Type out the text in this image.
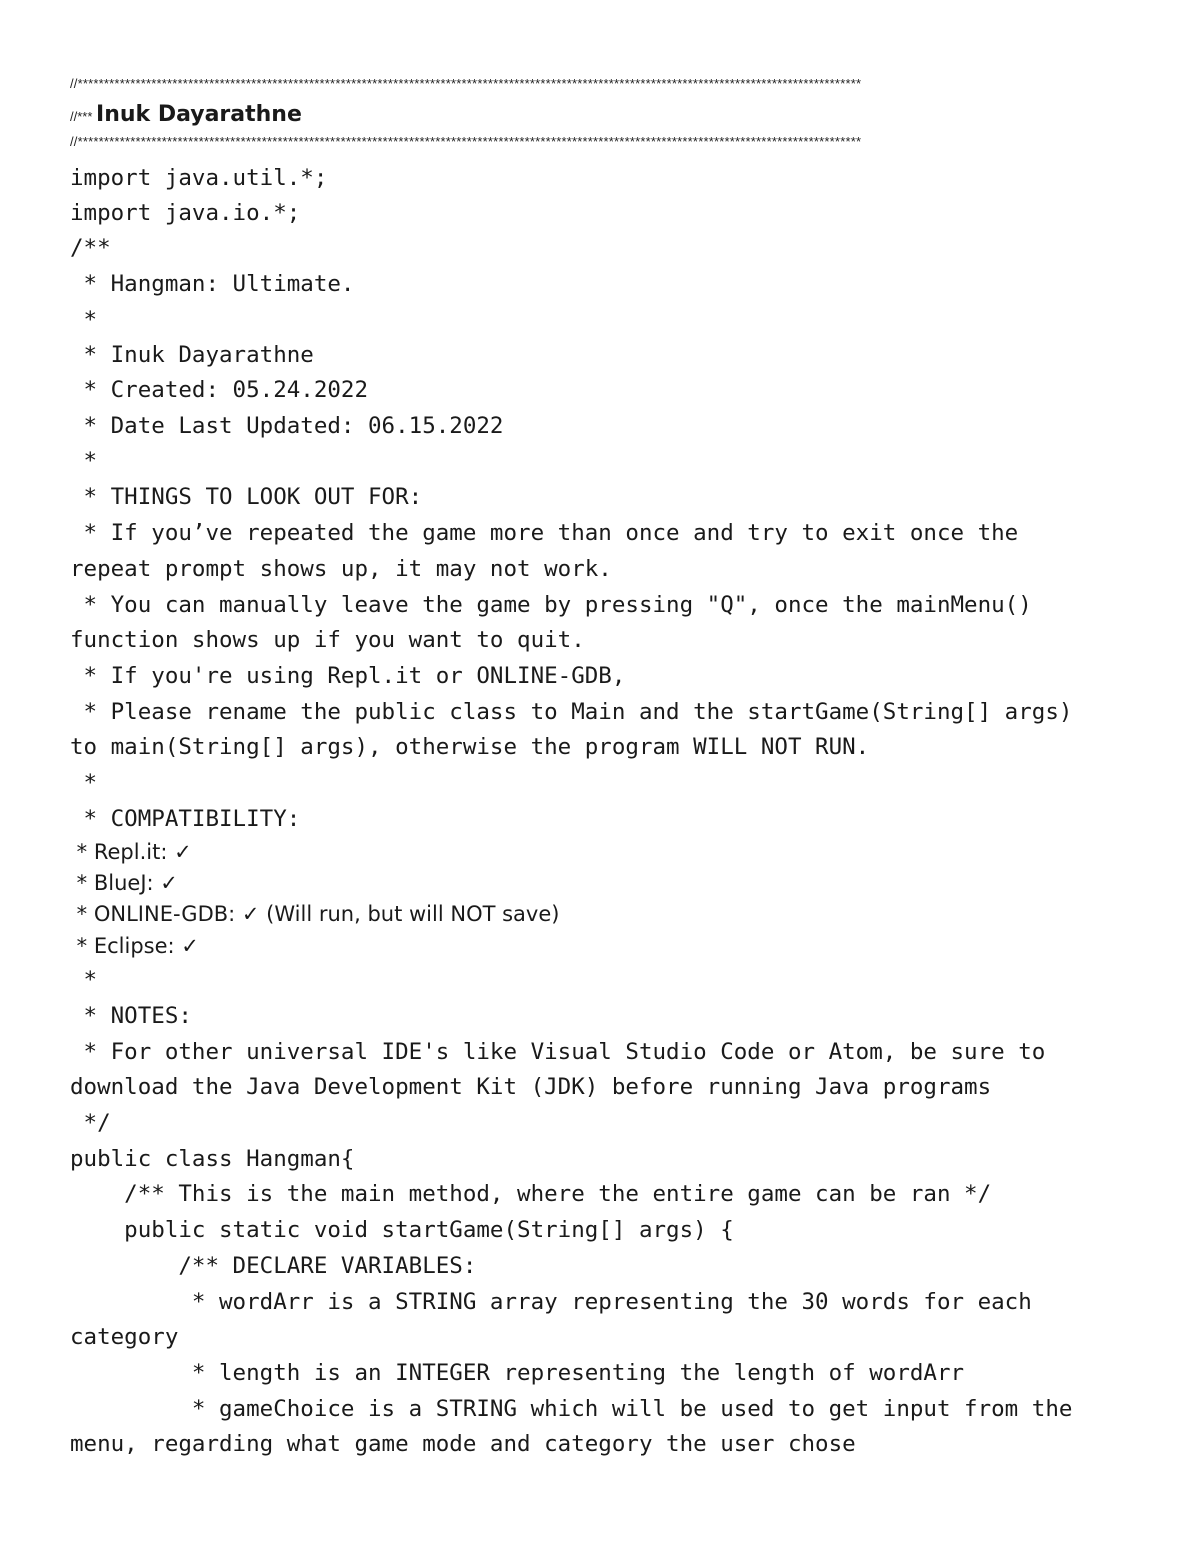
//*****************************************************************************************************************************************************
//*** Inuk Dayarathne
//*****************************************************************************************************************************************************
import java.util.*;
import java.io.*;
/**
* Hangman: Ultimate.
*
* Inuk Dayarathne
* Created: 05.24.2022
* Date Last Updated: 06.15.2022
*
* THINGS TO LOOK OUT FOR:
* If you’ve repeated the game more than once and try to exit once the
repeat prompt shows up, it may not work.
* You can manually leave the game by pressing "Q", once the mainMenu()
function shows up if you want to quit.
* If you're using Repl.it or ONLINE-GDB,
* Please rename the public class to Main and the startGame(String[] args)
to main(String[] args), otherwise the program WILL NOT RUN.
*
* COMPATIBILITY:
* Repl.it: ✓
* BlueJ: ✓
* ONLINE-GDB: ✓ (Will run, but will NOT save)
* Eclipse: ✓
*
* NOTES:
* For other universal IDE's like Visual Studio Code or Atom, be sure to
download the Java Development Kit (JDK) before running Java programs
*/
public class Hangman{
/** This is the main method, where the entire game can be ran */
public static void startGame(String[] args) {
/** DECLARE VARIABLES:
* wordArr is a STRING array representing the 30 words for each
category
* length is an INTEGER representing the length of wordArr
* gameChoice is a STRING which will be used to get input from the
menu, regarding what game mode and category the user chose
